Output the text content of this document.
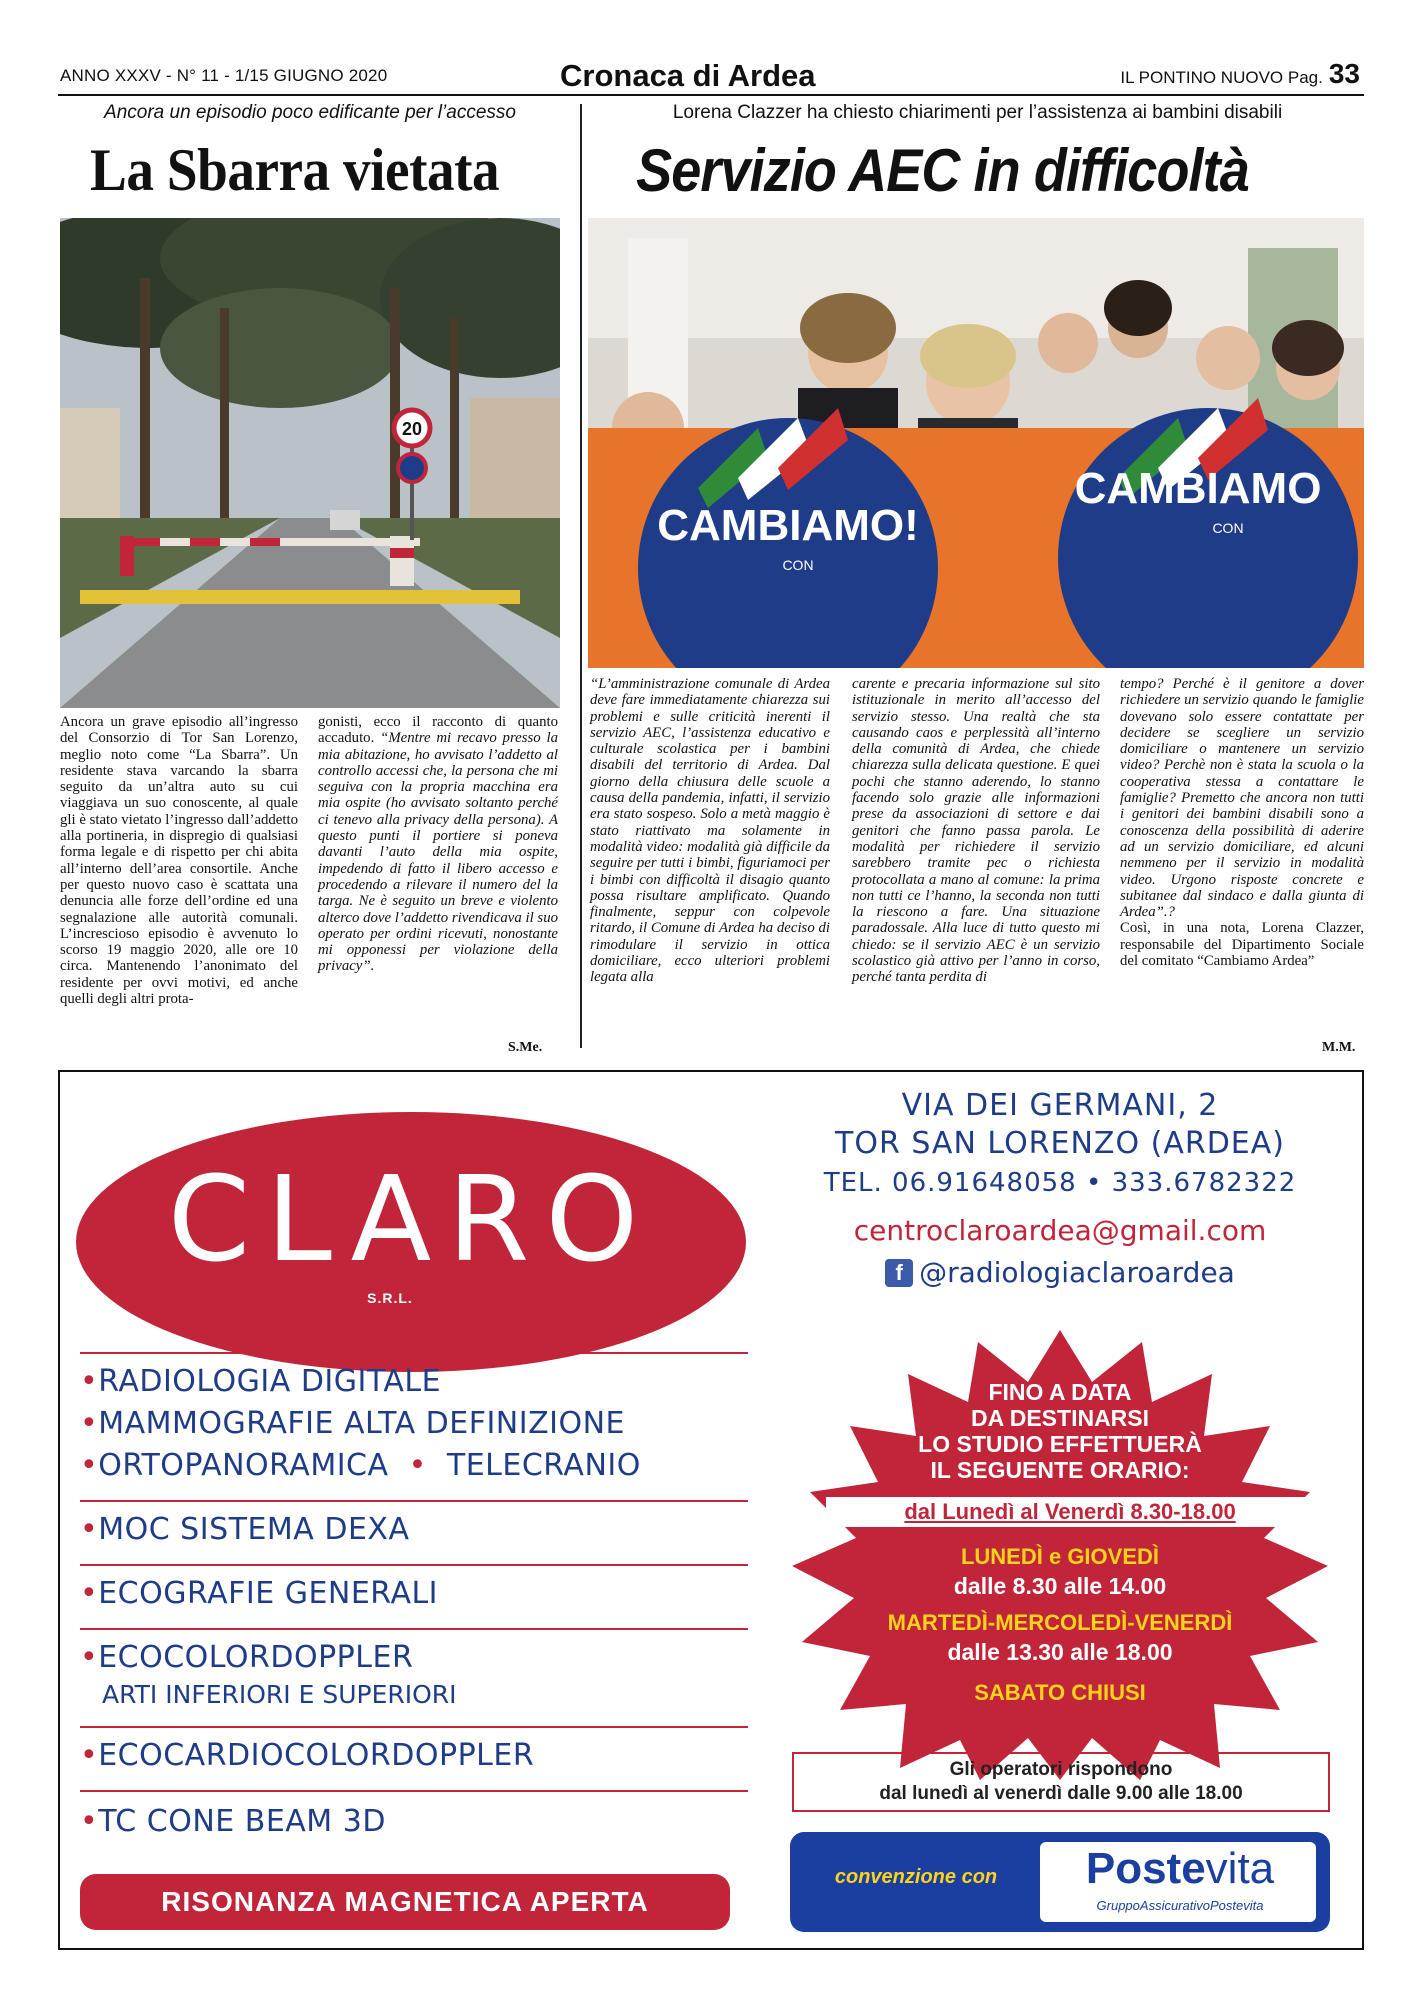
ANNO XXXV - N° 11 - 1/15 GIUGNO 2020	Cronaca di Ardea	IL PONTINO NUOVO Pag. 33
Ancora un episodio poco edificante per l’accesso
La Sbarra vietata
20
CAMBIAMO!
CON
CAMBIAMO
CON
Lorena Clazzer ha chiesto chiarimenti per l’assistenza ai bambini disabili
Servizio AEC in difficoltà
Ancora un grave episodio all’ingresso del Consorzio di Tor San Lorenzo, meglio noto come “La Sbarra”. Un residente stava varcando la sbarra seguito da un’altra auto su cui viaggiava un suo conoscente, al quale gli è stato vietato l’ingresso dall’addetto alla portineria, in dispregio di qualsiasi forma legale e di rispetto per chi abita all’interno dell’area consortile. Anche per questo nuovo caso è scattata una denuncia alle forze dell’ordine ed una segnalazione alle autorità comunali. L’increscioso episodio è avvenuto lo scorso 19 maggio 2020, alle ore 10 circa. Mantenendo l’anonimato del residente per ovvi motivi, ed anche quelli degli altri prota-
gonisti, ecco il racconto di quanto accaduto. “Mentre mi recavo presso la mia abitazione, ho avvisato l’addetto al controllo accessi che, la persona che mi seguiva con la propria macchina era mia ospite (ho avvisato soltanto perché ci tenevo alla privacy della persona). A questo punti il portiere si poneva davanti l’auto della mia ospite, impedendo di fatto il libero accesso e procedendo a rilevare il numero del la targa. Ne è seguito un breve e violento alterco dove l’addetto rivendicava il suo operato per ordini ricevuti, nonostante mi opponessi per violazione della privacy”.
S.Me.
“L’amministrazione comunale di Ardea deve fare immediatamente chiarezza sui problemi e sulle criticità inerenti il servizio AEC, l’assistenza educativo e culturale scolastica per i bambini disabili del territorio di Ardea. Dal giorno della chiusura delle scuole a causa della pandemia, infatti, il servizio era stato sospeso. Solo a metà maggio è stato riattivato ma solamente in modalità video: modalità già difficile da seguire per tutti i bimbi, figuriamoci per i bimbi con difficoltà il disagio quanto possa risultare amplificato. Quando finalmente, seppur con colpevole ritardo, il Comune di Ardea ha deciso di rimodulare il servizio in ottica domiciliare, ecco ulteriori problemi legata alla
carente e precaria informazione sul sito istituzionale in merito all’accesso del servizio stesso. Una realtà che sta causando caos e perplessità all’interno della comunità di Ardea, che chiede chiarezza sulla delicata questione. E quei pochi che stanno aderendo, lo stanno facendo solo grazie alle informazioni prese da associazioni di settore e dai genitori che fanno passa parola. Le modalità per richiedere il servizio sarebbero tramite pec o richiesta protocollata a mano al comune: la prima non tutti ce l’hanno, la seconda non tutti la riescono a fare. Una situazione paradossale. Alla luce di tutto questo mi chiedo: se il servizio AEC è un servizio scolastico già attivo per l’anno in corso, perché tanta perdita di
tempo? Perché è il genitore a dover richiedere un servizio quando le famiglie dovevano solo essere contattate per decidere se scegliere un servizio domiciliare o mantenere un servizio video? Perchè non è stata la scuola o la cooperativa stessa a contattare le famiglie? Premetto che ancora non tutti i genitori dei bambini disabili sono a conoscenza della possibilità di aderire ad un servizio domiciliare, ed alcuni nemmeno per il servizio in modalità video. Urgono risposte concrete e subitanee dal sindaco e dalla giunta di Ardea”.?
Così, in una nota, Lorena Clazzer, responsabile del Dipartimento Sociale del comitato “Cambiamo Ardea”
M.M.
CLARO
S.R.L.
VIA DEI GERMANI, 2
TOR SAN LORENZO (ARDEA)
TEL. 06.91648058 • 333.6782322
centroclaroardea@gmail.com
f @radiologiaclaroardea
•RADIOLOGIA DIGITALE
•MAMMOGRAFIE ALTA DEFINIZIONE
•ORTOPANORAMICA  •  TELECRANIO
•MOC SISTEMA DEXA
•ECOGRAFIE GENERALI
•ECOCOLORDOPPLER
ARTI INFERIORI E SUPERIORI
•ECOCARDIOCOLORDOPPLER
•TC CONE BEAM 3D
RISONANZA MAGNETICA APERTA
FINO A DATA
DA DESTINARSI
LO STUDIO EFFETTUERÀ
IL SEGUENTE ORARIO:
dal Lunedì al Venerdì 8.30-18.00
LUNEDÌ e GIOVEDÌ
dalle 8.30 alle 14.00
MARTEDÌ-MERCOLEDÌ-VENERDÌ
dalle 13.30 alle 18.00
SABATO CHIUSI
Gli operatori rispondono
dal lunedì al venerdì dalle 9.00 alle 18.00
convenzione con	Postevita
GruppoAssicurativoPostevita
